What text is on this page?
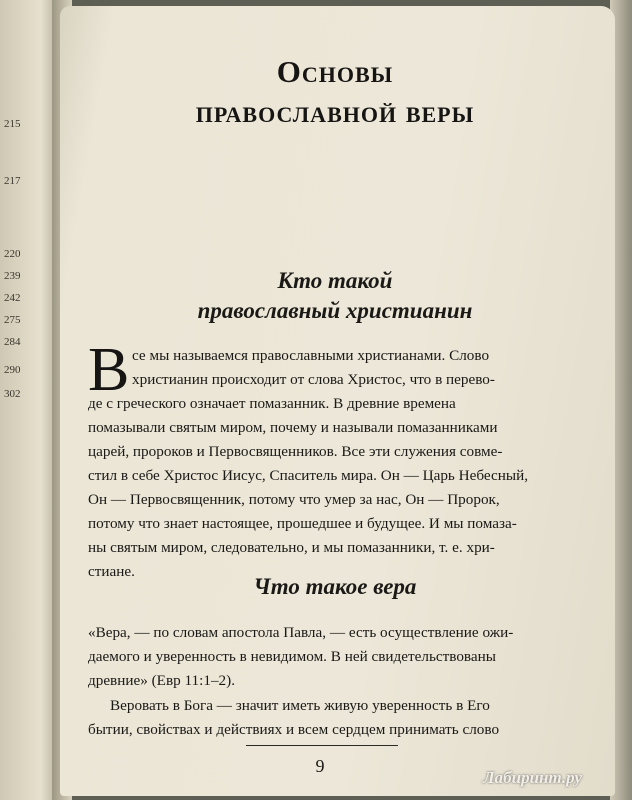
215
217
220
239
242
275
284
290
302
Основы
православной веры
Кто такой
православный христианин
В се мы называемся православными христианами. Слово
христианин происходит от слова Христос, что в перево-
де с греческого означает помазанник. В древние времена
помазывали святым миром, почему и называли помазанниками
царей, пророков и Первосвященников. Все эти служения совме-
стил в себе Христос Иисус, Спаситель мира. Он — Царь Небесный,
Он — Первосвященник, потому что умер за нас, Он — Пророк,
потому что знает настоящее, прошедшее и будущее. И мы помаза-
ны святым миром, следовательно, и мы помазанники, т. е. хри-
стиане.
Что такое вера
«Вера, — по словам апостола Павла, — есть осуществление ожи-
даемого и уверенность в невидимом. В ней свидетельствованы
древние» (Евр 11:1–2).
Веровать в Бога — значит иметь живую уверенность в Его
бытии, свойствах и действиях и всем сердцем принимать слово
9
Лабиринт.ру
